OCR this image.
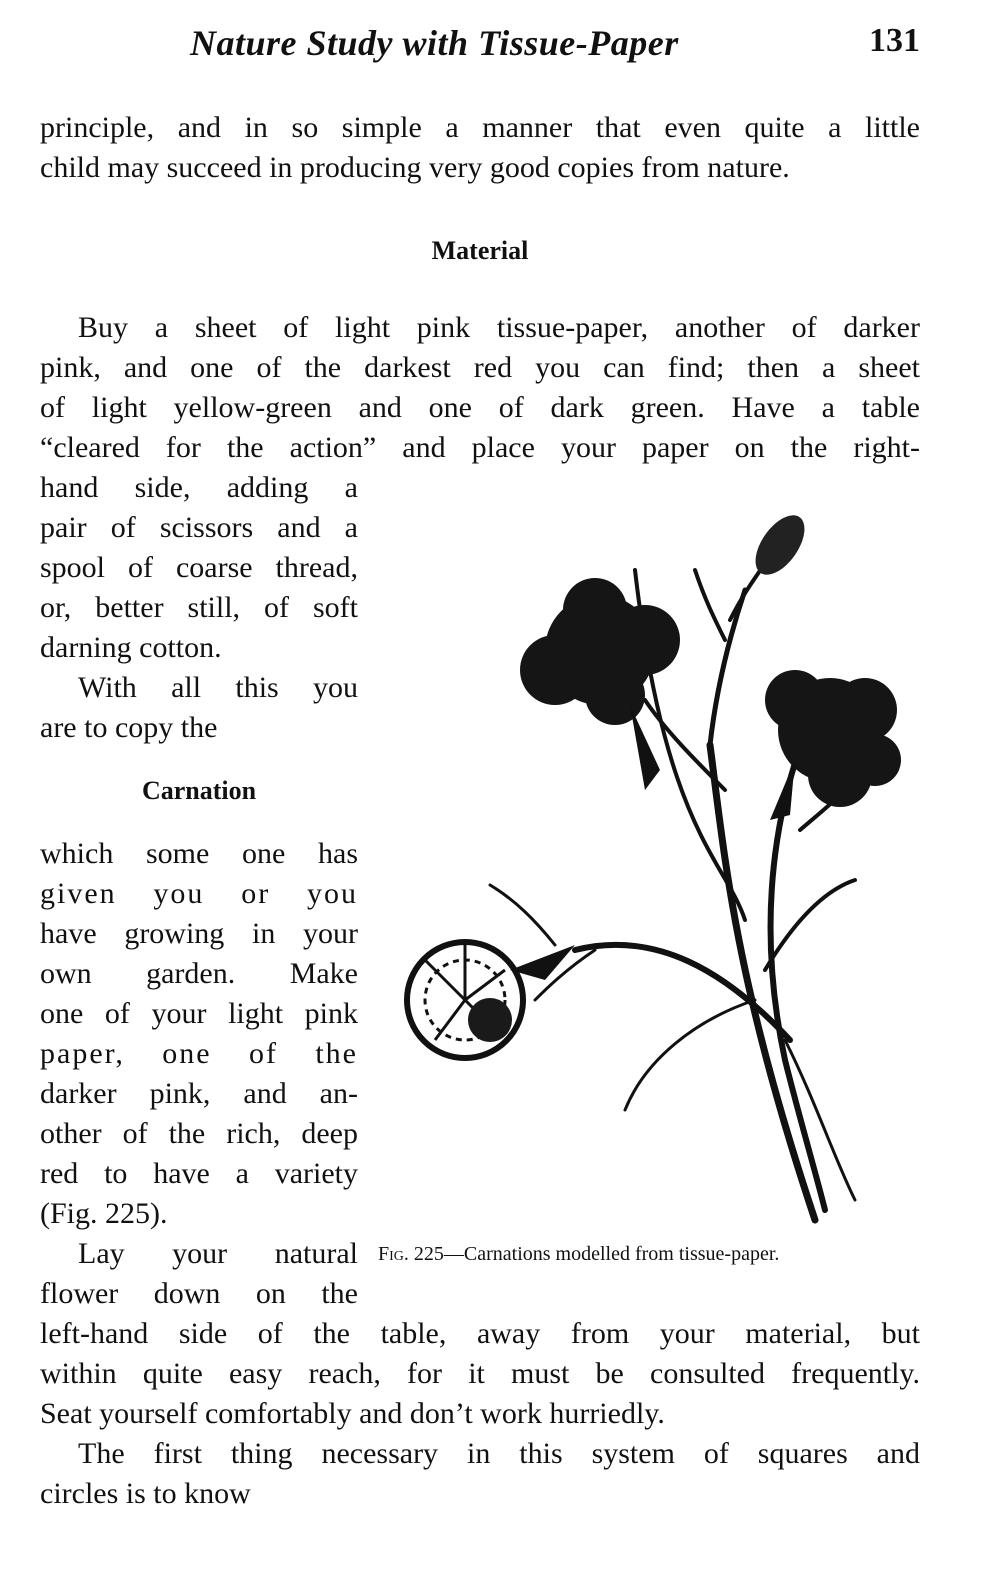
Nature Study with Tissue-Paper	131
principle, and in so simple a manner that even quite a little
child may succeed in producing very good copies from nature.
Material
Buy a sheet of light pink tissue-paper, another of darker
pink, and one of the darkest red you can find; then a sheet
of light yellow-green and one of dark green. Have a table
“cleared for the action” and place your paper on the right-
hand side, adding a
pair of scissors and a
spool of coarse thread,
or, better still, of soft
darning cotton.
With all this you
are to copy the
Carnation
which some one has
given you or you
have growing in your
own garden. Make
one of your light pink
paper, one of the
darker pink, and an-
other of the rich, deep
red to have a variety
(Fig. 225).
Lay your natural
flower down on the
left-hand side of the table, away from your material, but
within quite easy reach, for it must be consulted frequently.
Seat yourself comfortably and don’t work hurriedly.
The first thing necessary in this system of squares and
circles is to know
Fig. 225—Carnations modelled from tissue-paper.
